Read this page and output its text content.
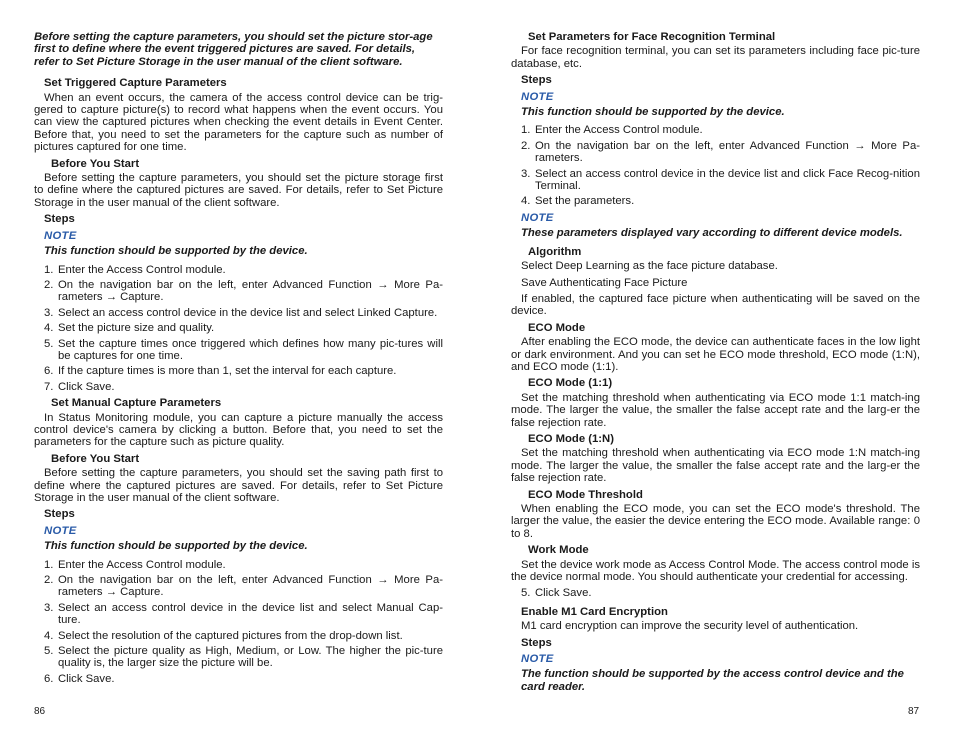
Before setting the capture parameters, you should set the picture stor-age first to define where the event triggered pictures are saved. For details, refer to Set Picture Storage in the user manual of the client software.

Set Triggered Capture Parameters

When an event occurs, the camera of the access control device can be trig-gered to capture picture(s) to record what happens when the event occurs. You can view the captured pictures when checking the event details in Event Center. Before that, you need to set the parameters for the capture such as number of pictures captured for one time.

Before You Start

Before setting the capture parameters, you should set the picture storage first to define where the captured pictures are saved. For details, refer to Set Picture Storage in the user manual of the client software.

Steps

NOTE

This function should be supported by the device.

1. Enter the Access Control module.
2. On the navigation bar on the left, enter Advanced Function → More Pa-rameters → Capture.
3. Select an access control device in the device list and select Linked Capture.
4. Set the picture size and quality.
5. Set the capture times once triggered which defines how many pic-tures will be captures for one time.
6. If the capture times is more than 1, set the interval for each capture.
7. Click Save.

Set Manual Capture Parameters

In Status Monitoring module, you can capture a picture manually the access control device's camera by clicking a button. Before that, you need to set the parameters for the capture such as picture quality.

Before You Start

Before setting the capture parameters, you should set the saving path first to define where the captured pictures are saved. For details, refer to Set Picture Storage in the user manual of the client software.

Steps

NOTE

This function should be supported by the device.

1. Enter the Access Control module.
2. On the navigation bar on the left, enter Advanced Function → More Pa-rameters → Capture.
3. Select an access control device in the device list and select Manual Cap-ture.
4. Select the resolution of the captured pictures from the drop-down list.
5. Select the picture quality as High, Medium, or Low. The higher the pic-ture quality is, the larger size the picture will be.
6. Click Save.
86

Set Parameters for Face Recognition Terminal

For face recognition terminal, you can set its parameters including face pic-ture database, etc.

Steps

NOTE

This function should be supported by the device.

1. Enter the Access Control module.
2. On the navigation bar on the left, enter Advanced Function → More Pa-rameters.
3. Select an access control device in the device list and click Face Recog-nition Terminal.
4. Set the parameters.

NOTE

These parameters displayed vary according to different device models.

Algorithm

Select Deep Learning as the face picture database.

Save Authenticating Face Picture

If enabled, the captured face picture when authenticating will be saved on the device.

ECO Mode

After enabling the ECO mode, the device can authenticate faces in the low light or dark environment. And you can set he ECO mode threshold, ECO mode (1:N), and ECO mode (1:1).

ECO Mode (1:1)

Set the matching threshold when authenticating via ECO mode 1:1 match-ing mode. The larger the value, the smaller the false accept rate and the larg-er the false rejection rate.

ECO Mode (1:N)

Set the matching threshold when authenticating via ECO mode 1:N match-ing mode. The larger the value, the smaller the false accept rate and the larg-er the false rejection rate.

ECO Mode Threshold

When enabling the ECO mode, you can set the ECO mode's threshold. The larger the value, the easier the device entering the ECO mode. Available range: 0 to 8.

Work Mode

Set the device work mode as Access Control Mode. The access control mode is the device normal mode. You should authenticate your credential for accessing.

5. Click Save.

Enable M1 Card Encryption

M1 card encryption can improve the security level of authentication.

Steps

NOTE

The function should be supported by the access control device and the card reader.

87
